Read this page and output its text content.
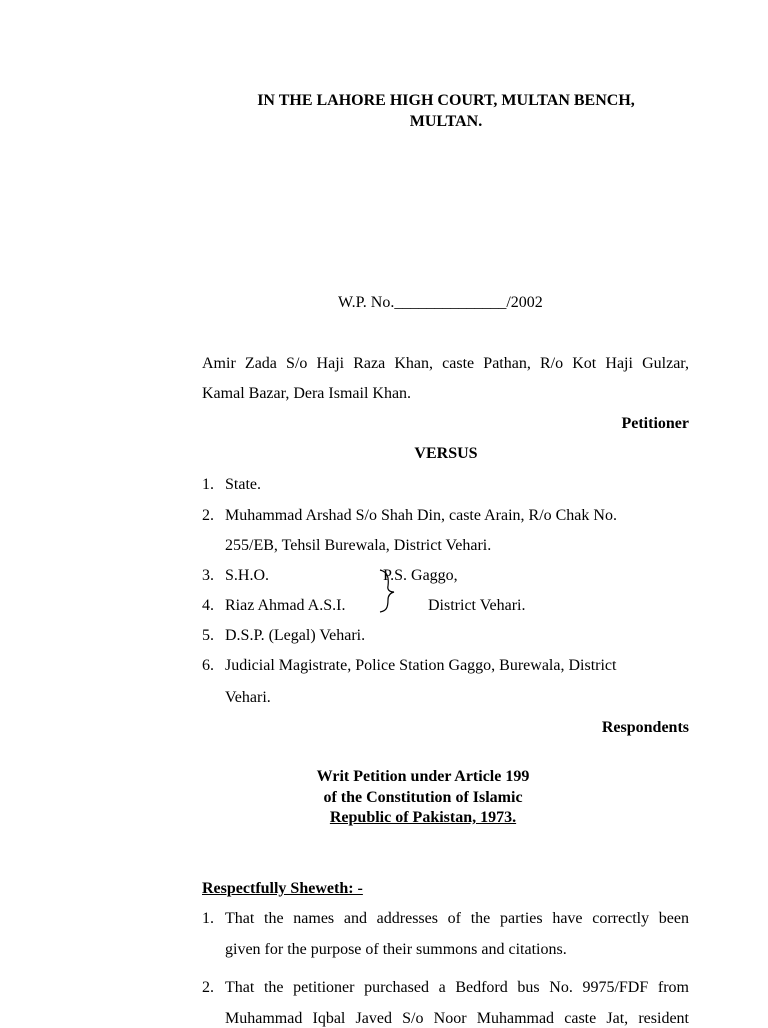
IN THE LAHORE HIGH COURT, MULTAN BENCH,
MULTAN.
W.P. No.______________/2002
Amir Zada S/o Haji Raza Khan, caste Pathan, R/o Kot Haji Gulzar,
Kamal Bazar, Dera Ismail Khan.
Petitioner
VERSUS
1. State.
2. Muhammad Arshad S/o Shah Din, caste Arain, R/o Chak No.
255/EB, Tehsil Burewala, District Vehari.
3. S.H.O.	P.S. Gaggo,
4. Riaz Ahmad A.S.I.	District Vehari.
5. D.S.P. (Legal) Vehari.
6. Judicial Magistrate, Police Station Gaggo, Burewala, District
Vehari.
Respondents
Writ Petition under Article 199
of the Constitution of Islamic
Republic of Pakistan, 1973.
Respectfully Sheweth: -
1. That the names and addresses of the parties have correctly been
given for the purpose of their summons and citations.
2. That the petitioner purchased a Bedford bus No. 9975/FDF from
Muhammad Iqbal Javed S/o Noor Muhammad caste Jat, resident
